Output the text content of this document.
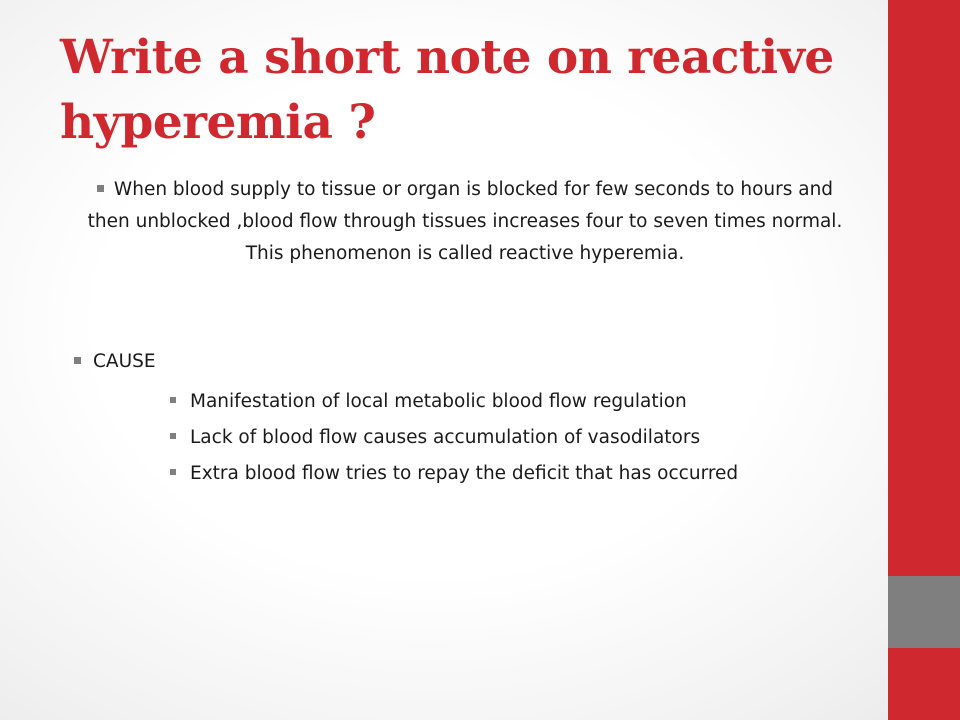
Write a short note on reactive hyperemia ?
When blood supply to tissue or organ is blocked for few seconds to hours and then unblocked ,blood flow through tissues increases four to seven times normal. This phenomenon is called reactive hyperemia.
CAUSE
Manifestation of local metabolic blood flow regulation
Lack of blood flow causes accumulation of vasodilators
Extra blood flow tries to repay the deficit that has occurred
